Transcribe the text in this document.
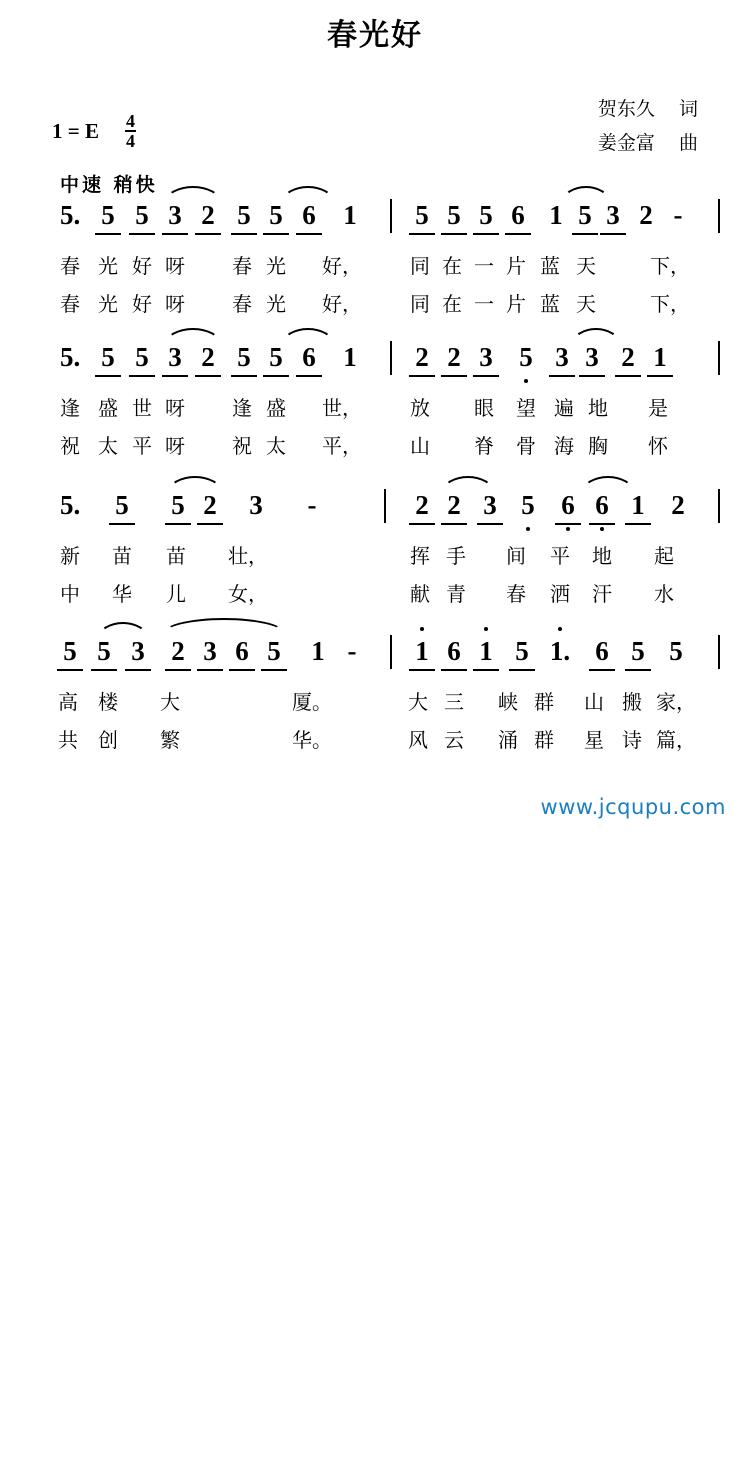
春光好
贺东久    词
姜金富    曲
1 = E $\frac{4}{4}$
中速 稍快

5.

5

5

3

2

5

5

6

1

5

5

5

6

1

5

3

2

-

春 光 好 呀 春 光 好， 同 在 一 片 蓝 天	下，
春 光 好 呀 春 光 好， 同 在 一 片 蓝 天	下，

5.

5

5

3

2

5

5

6

1

2

2

3

5

3

3

2

1

逢 盛 世 呀 逢 盛 世， 放 眼 望 遍 地 是
祝 太 平 呀 祝 太 平， 山 脊 骨 海 胸 怀

5.

5

5

2

3

-

	2

2

3

5

6

6

1

2

新 苗 苗 壮，	挥 手 间 平 地 起
中 华 儿 女，	献 青 春 洒 汗 水

5

5

3

2

3

6

5

1

-

1

6

1

5

1.

6

5

5

高 楼 大	厦。	大 三 峡 群 山 搬 家，
共 创 繁	华。	风 云 涌 群 星 诗 篇，
www.jcqupu.com
